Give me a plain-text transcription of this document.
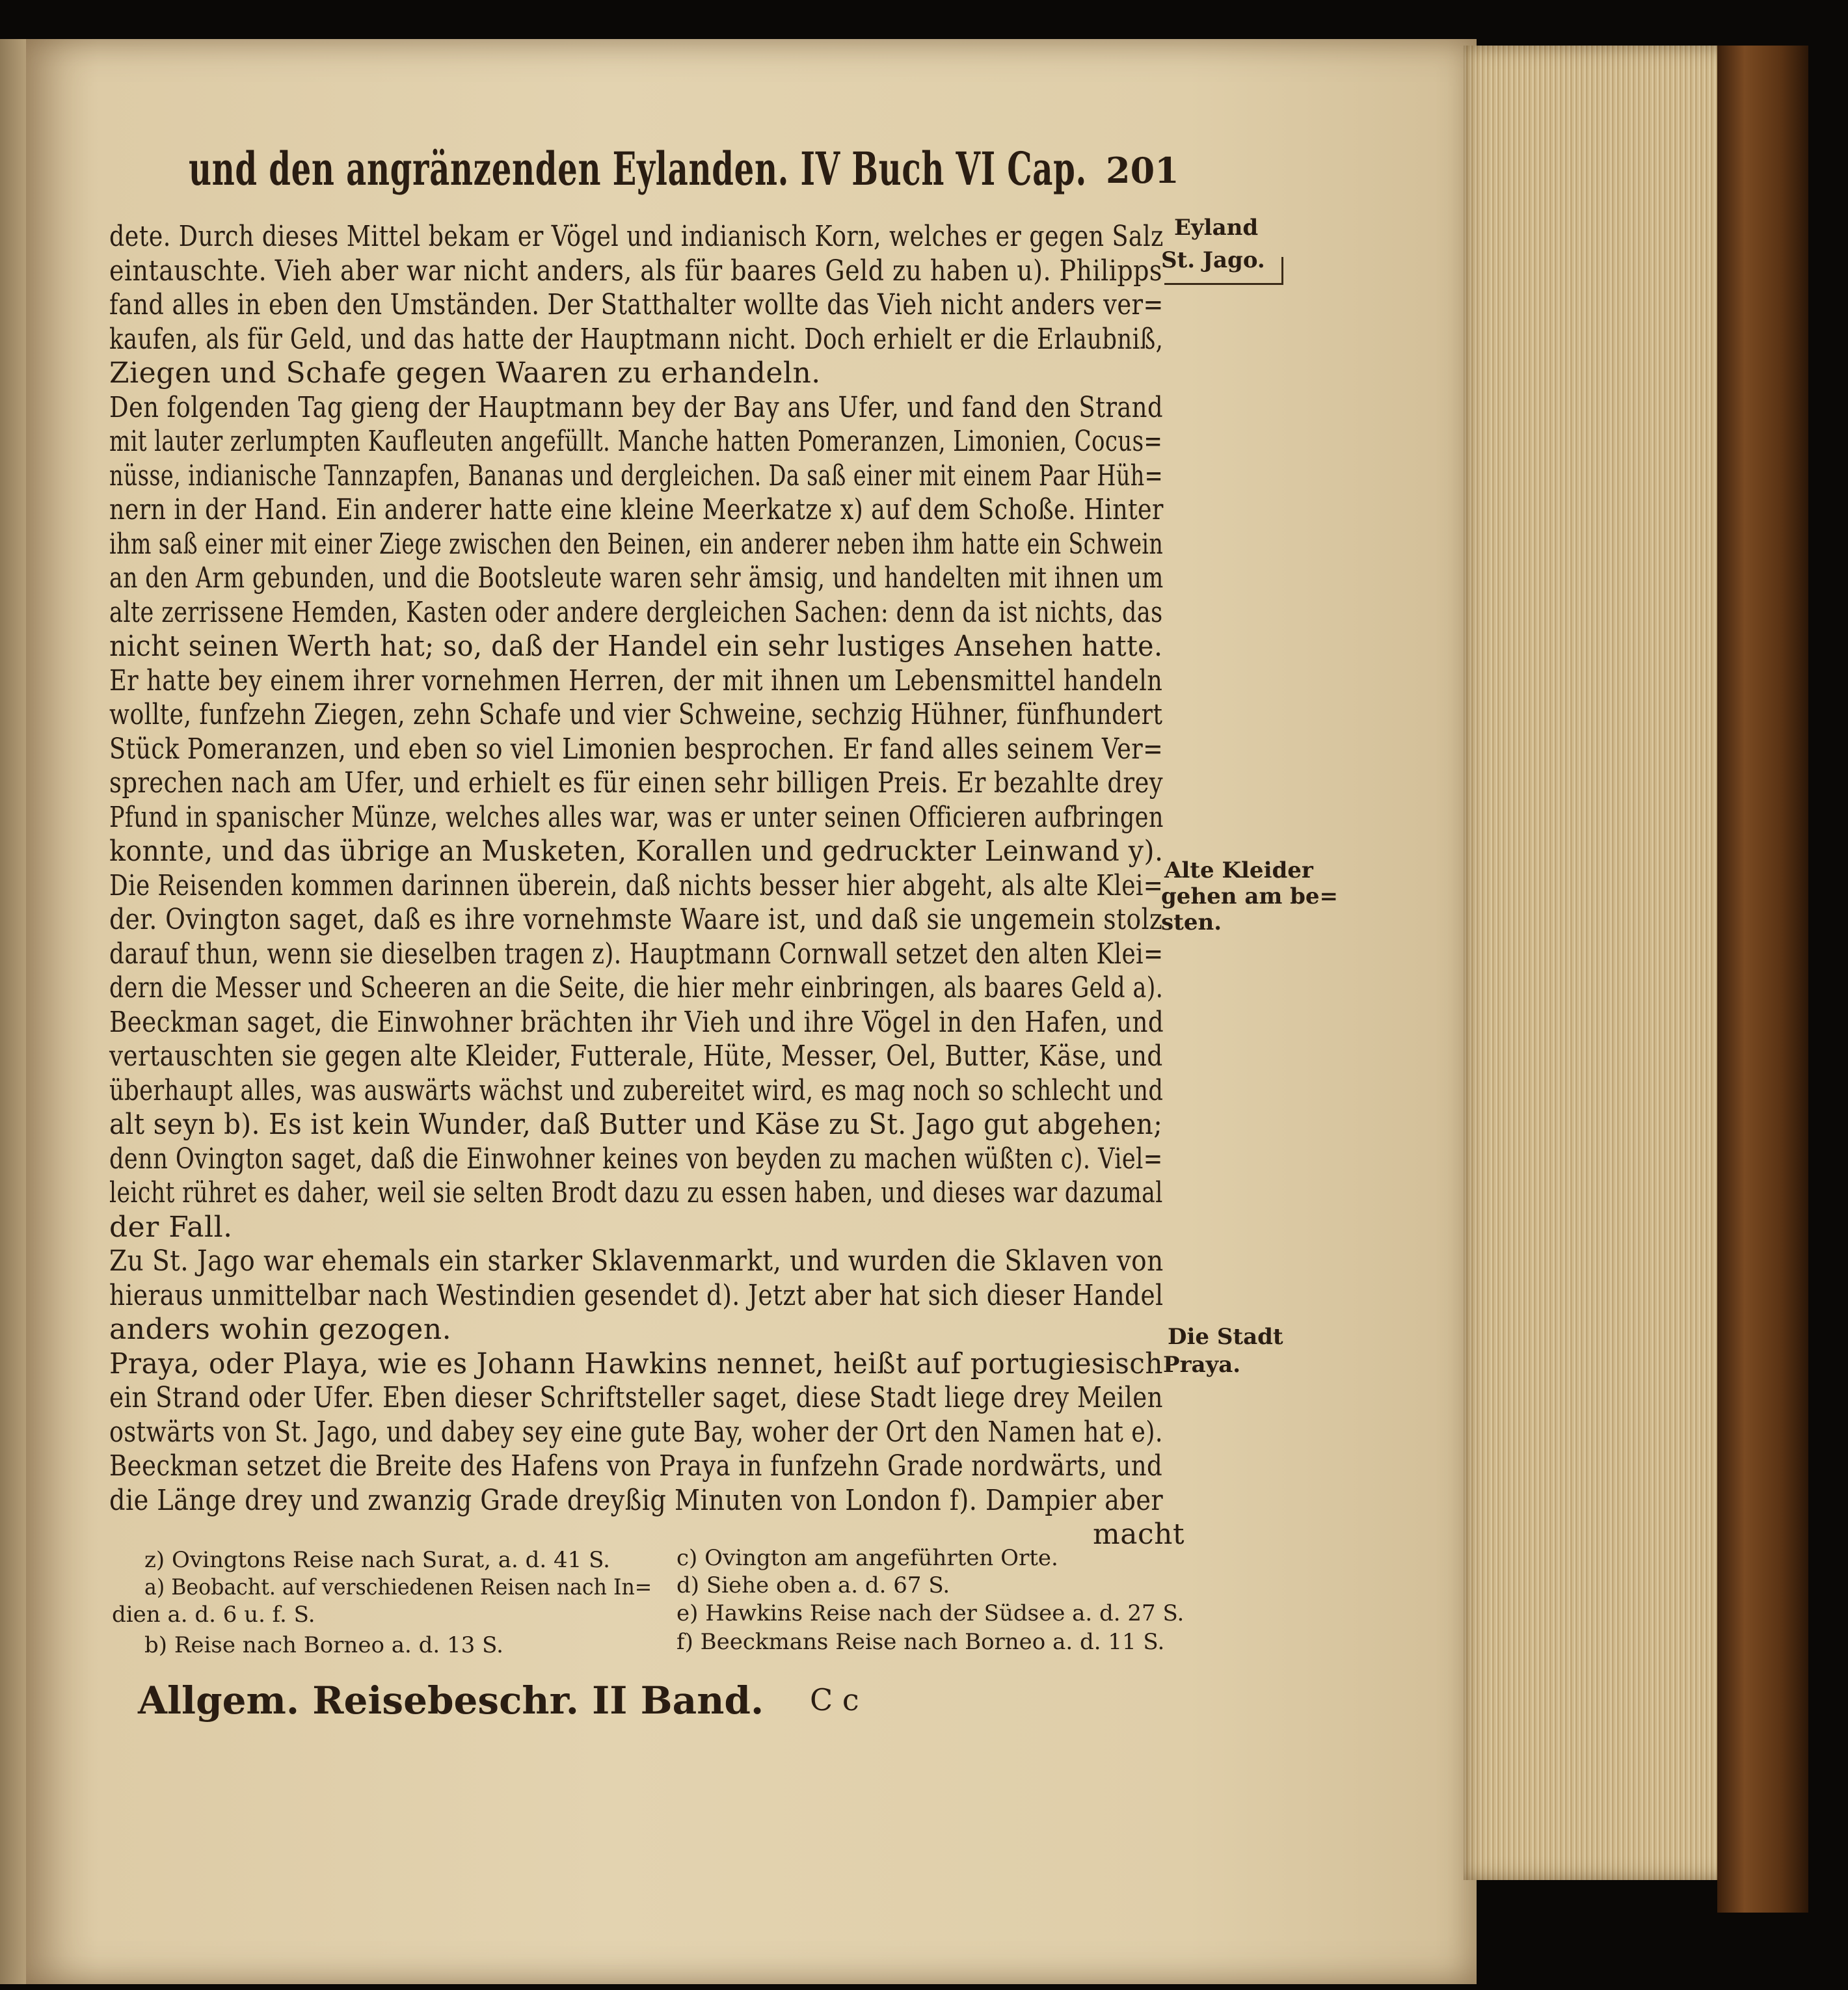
und den angränzenden Eylanden. IV Buch VI Cap. 201
dete. Durch dieses Mittel bekam er Vögel und indianisch Korn, welches er gegen Salz
eintauschte. Vieh aber war nicht anders, als für baares Geld zu haben u). Philipps
fand alles in eben den Umständen. Der Statthalter wollte das Vieh nicht anders ver=
kaufen, als für Geld, und das hatte der Hauptmann nicht. Doch erhielt er die Erlaubniß,
Ziegen und Schafe gegen Waaren zu erhandeln.
Den folgenden Tag gieng der Hauptmann bey der Bay ans Ufer, und fand den Strand
mit lauter zerlumpten Kaufleuten angefüllt. Manche hatten Pomeranzen, Limonien, Cocus=
nüsse, indianische Tannzapfen, Bananas und dergleichen. Da saß einer mit einem Paar Hüh=
nern in der Hand. Ein anderer hatte eine kleine Meerkatze x) auf dem Schoße. Hinter
ihm saß einer mit einer Ziege zwischen den Beinen, ein anderer neben ihm hatte ein Schwein
an den Arm gebunden, und die Bootsleute waren sehr ämsig, und handelten mit ihnen um
alte zerrissene Hemden, Kasten oder andere dergleichen Sachen: denn da ist nichts, das
nicht seinen Werth hat; so, daß der Handel ein sehr lustiges Ansehen hatte.
Er hatte bey einem ihrer vornehmen Herren, der mit ihnen um Lebensmittel handeln
wollte, funfzehn Ziegen, zehn Schafe und vier Schweine, sechzig Hühner, fünfhundert
Stück Pomeranzen, und eben so viel Limonien besprochen. Er fand alles seinem Ver=
sprechen nach am Ufer, und erhielt es für einen sehr billigen Preis. Er bezahlte drey
Pfund in spanischer Münze, welches alles war, was er unter seinen Officieren aufbringen
konnte, und das übrige an Musketen, Korallen und gedruckter Leinwand y).
Die Reisenden kommen darinnen überein, daß nichts besser hier abgeht, als alte Klei=
der. Ovington saget, daß es ihre vornehmste Waare ist, und daß sie ungemein stolz
darauf thun, wenn sie dieselben tragen z). Hauptmann Cornwall setzet den alten Klei=
dern die Messer und Scheeren an die Seite, die hier mehr einbringen, als baares Geld a).
Beeckman saget, die Einwohner brächten ihr Vieh und ihre Vögel in den Hafen, und
vertauschten sie gegen alte Kleider, Futterale, Hüte, Messer, Oel, Butter, Käse, und
überhaupt alles, was auswärts wächst und zubereitet wird, es mag noch so schlecht und
alt seyn b). Es ist kein Wunder, daß Butter und Käse zu St. Jago gut abgehen;
denn Ovington saget, daß die Einwohner keines von beyden zu machen wüßten c). Viel=
leicht rühret es daher, weil sie selten Brodt dazu zu essen haben, und dieses war dazumal
der Fall.
Zu St. Jago war ehemals ein starker Sklavenmarkt, und wurden die Sklaven von
hieraus unmittelbar nach Westindien gesendet d). Jetzt aber hat sich dieser Handel
anders wohin gezogen.
Praya, oder Playa, wie es Johann Hawkins nennet, heißt auf portugiesisch
ein Strand oder Ufer. Eben dieser Schriftsteller saget, diese Stadt liege drey Meilen
ostwärts von St. Jago, und dabey sey eine gute Bay, woher der Ort den Namen hat e).
Beeckman setzet die Breite des Hafens von Praya in funfzehn Grade nordwärts, und
die Länge drey und zwanzig Grade dreyßig Minuten von London f). Dampier aber
macht
Eyland
St. Jago.
Alte Kleider
gehen am be=
sten.
Die Stadt
Praya.
z) Ovingtons Reise nach Surat, a. d. 41 S.
a) Beobacht. auf verschiedenen Reisen nach In=
dien a. d. 6 u. f. S.
b) Reise nach Borneo a. d. 13 S.
c) Ovington am angeführten Orte.
d) Siehe oben a. d. 67 S.
e) Hawkins Reise nach der Südsee a. d. 27 S.
f) Beeckmans Reise nach Borneo a. d. 11 S.
Allgem. Reisebeschr. II Band. C c
